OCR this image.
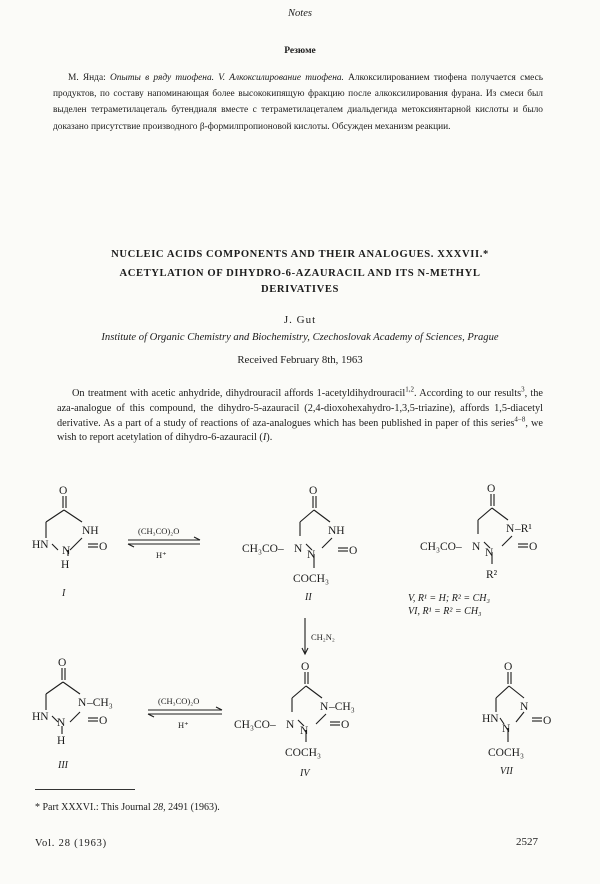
Notes
Резюме

М. Янда: Опыты в ряду тиофена. V. Алкоксилирование тиофена. Алкоксилированием тиофена получается смесь продуктов, по составу напоминающая более высококипящую фракцию после алкоксилирования фурана. Из смеси был выделен тетраметилацеталь бутендиаля вместе с тетраметилацеталем диальдегида метоксиянтарной кислоты и было доказано присутствие производного β-формилпропионовой кислоты. Обсужден механизм реакции.

NUCLEIC ACIDS COMPONENTS AND THEIR ANALOGUES. XXXVII.*
ACETYLATION OF DIHYDRO-6-AZAURACIL AND ITS N-METHYL
DERIVATIVES
J. Gut
Institute of Organic Chemistry and Biochemistry, Czechoslovak Academy of Sciences, Prague
Received February 8th, 1963

On treatment with acetic anhydride, dihydrouracil affords 1-acetyldihydrouracil$^{1,2}$. According to our results$^3$, the aza-analogue of this compound, the dihydro-5-azauracil (2,4-dioxohexahydro-1,3,5-triazine), affords 1,5-diacetyl derivative. As a part of a study of reactions of aza-analogues which has been published in paper of this series$^{4-8}$, we wish to report acetylation of dihydro-6-azauracil (I).

O
NH
HN N O
H
I
(CH₃CO)₂O
H⁺
O
NH
CH₃CO– N N	O
COCH₃
II
O
N –R¹
CH₃CO– N N	O
R²
V, R¹ = H; R² = CH₃
VI, R¹ = R² = CH₃
CH₂N₂
O
N –CH₃
HN N	O
H
III
(CH₃CO)₂O
H⁺
O
N –CH₃
CH₃CO– N N	O
COCH₃
IV
O
N
HN
N
O
COCH₃
VII
* Part XXXVI.: This Journal 28, 2491 (1963).
Vol. 28 (1963)	2527
